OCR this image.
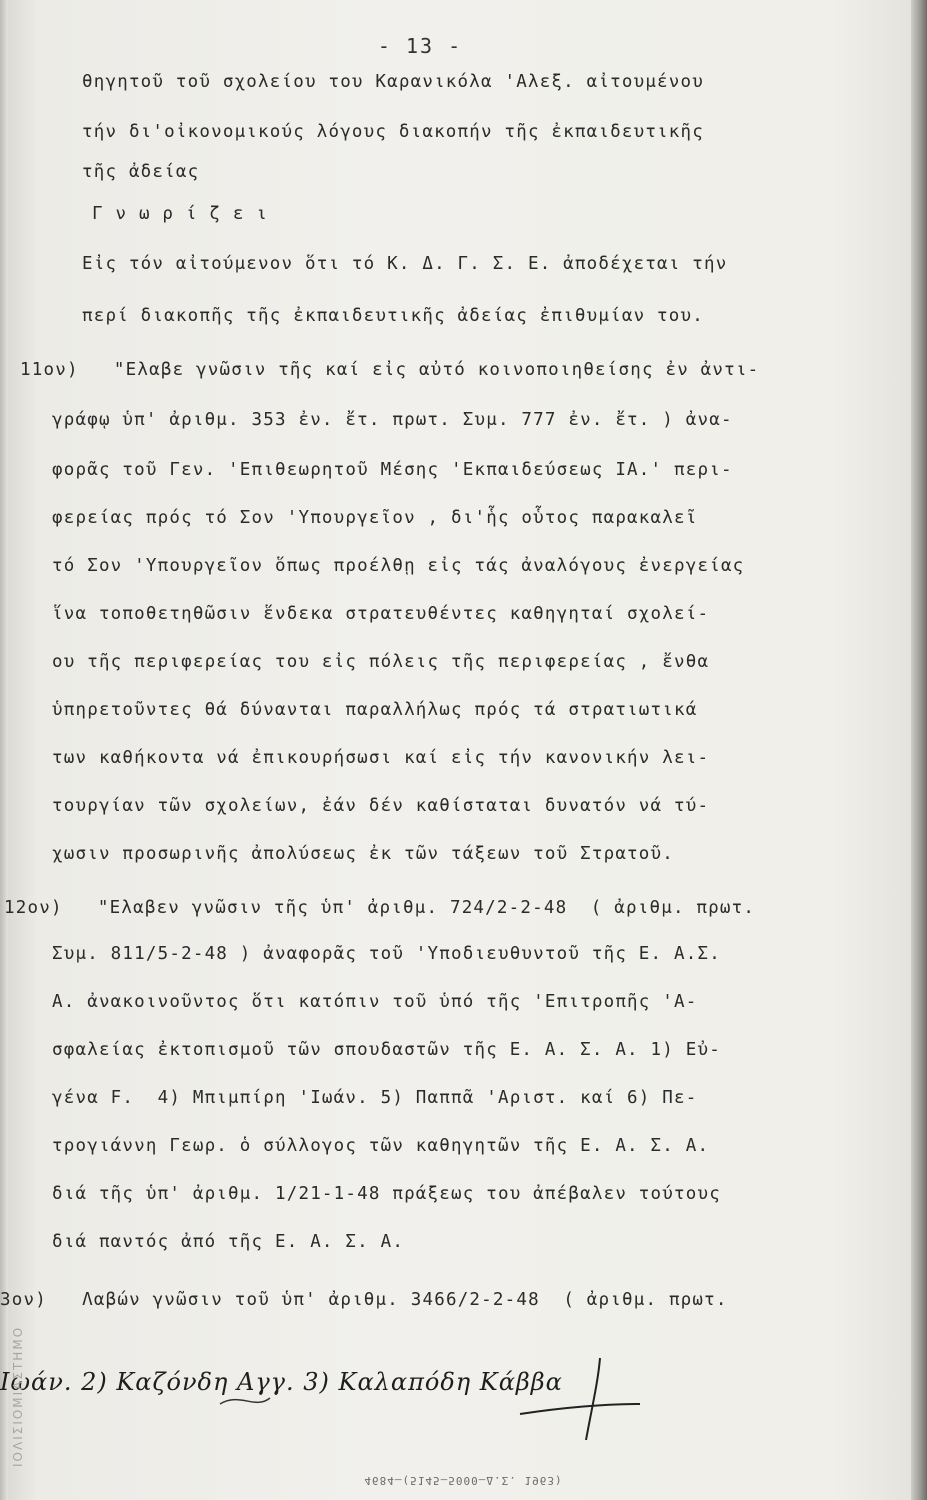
- 13 -
θηγητοῦ τοῦ σχολείου του Καρανικόλα 'Αλεξ. αἰτουμένου
τήν δι'οἰκονομικούς λόγους διακοπήν τῆς ἐκπαιδευτικῆς
τῆς ἀδείας
Γ ν ω ρ ί ζ ε ι
Εἰς τόν αἰτούμενον ὅτι τό Κ. Δ. Γ. Σ. Ε. ἀποδέχεται τήν
περί διακοπῆς τῆς ἐκπαιδευτικῆς ἀδείας ἐπιθυμίαν του.
11ον)   "Ελαβε γνῶσιν τῆς καί εἰς αὐτό κοινοποιηθείσης ἐν ἀντι-
γράφῳ ὑπ' ἀριθμ. 353 ἐν. ἔτ. πρωτ. Συμ. 777 ἐν. ἔτ. ) ἀνα-
φορᾶς τοῦ Γεν. 'Επιθεωρητοῦ Μέσης 'Εκπαιδεύσεως ΙΑ.' περι-
φερείας πρός τό Σον 'Υπουργεῖον , δι'ἧς οὗτος παρακαλεῖ
τό Σον 'Υπουργεῖον ὅπως προέλθῃ εἰς τάς ἀναλόγους ἐνεργείας
ἵνα τοποθετηθῶσιν ἕνδεκα στρατευθέντες καθηγηταί σχολεί-
ου τῆς περιφερείας του εἰς πόλεις τῆς περιφερείας , ἔνθα
ὑπηρετοῦντες θά δύνανται παραλλήλως πρός τά στρατιωτικά
των καθήκοντα νά ἐπικουρήσωσι καί εἰς τήν κανονικήν λει-
τουργίαν τῶν σχολείων, ἐάν δέν καθίσταται δυνατόν νά τύ-
χωσιν προσωρινῆς ἀπολύσεως ἐκ τῶν τάξεων τοῦ Στρατοῦ.
12ον)   "Ελαβεν γνῶσιν τῆς ὑπ' ἀριθμ. 724/2-2-48  ( ἀριθμ. πρωτ.
Συμ. 811/5-2-48 ) ἀναφορᾶς τοῦ 'Υποδιευθυντοῦ τῆς Ε. Α.Σ.
Α. ἀνακοινοῦντος ὅτι κατόπιν τοῦ ὑπό τῆς 'Επιτροπῆς 'Α-
σφαλείας ἐκτοπισμοῦ τῶν σπουδαστῶν τῆς Ε. Α. Σ. Α. 1) Εὐ-
γένα F.  4) Μπιμπίρη 'Ιωάν. 5) Παππᾶ 'Αριστ. καί 6) Πε-
τρογιάννη Γεωρ. ὁ σύλλογος τῶν καθηγητῶν τῆς Ε. Α. Σ. Α.
διά τῆς ὑπ' ἀριθμ. 1/21-1-48 πράξεως του ἀπέβαλεν τούτους
διά παντός ἀπό τῆς Ε. Α. Σ. Α.
3ον)   Λαβών γνῶσιν τοῦ ὑπ' ἀριθμ. 3466/2-2-48  ( ἀριθμ. πρωτ.
Ιωάν. 2) Καζόνδη Αγγ. 3) Καλαπόδη Κάββα
ΙΟΛΙΣΙΟΜΙΑΣΤΗΜΟ
4684—(5145—5000—Δ.Σ. 1963)
